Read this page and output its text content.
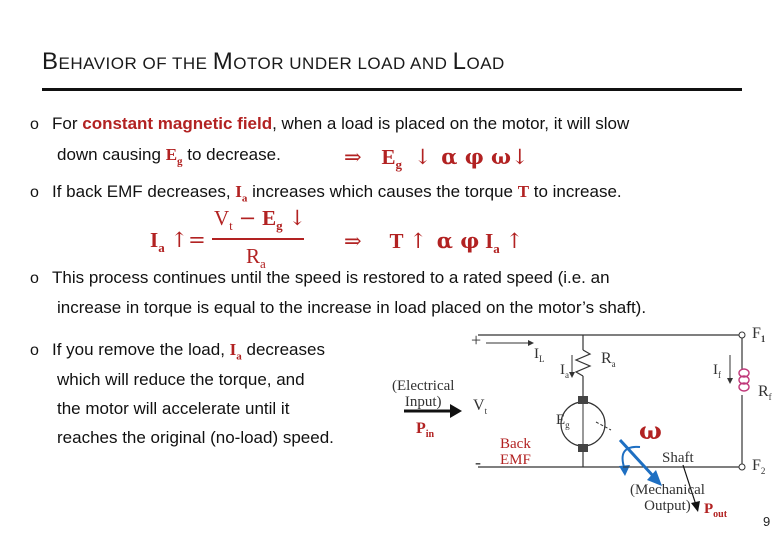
BEHAVIOR OF THE MOTOR UNDER LOAD AND LOAD
o For constant magnetic field, when a load is placed on the motor, it will slow
down causing $E_g$ to decrease.	⇒ $E_g$ ↓ α φ ω↓
o If back EMF decreases, $I_a$ increases which causes the torque T to increase.
$I_a$ ↑=
$V_t - E_g$ ↓
$R_a$
⇒ T ↑ α φ $I_a$ ↑
o This process continues until the speed is restored to a rated speed (i.e. an
increase in torque is equal to the increase in load placed on the motor’s shaft).
o If you remove the load, $I_a$ decreases
which will reduce the torque, and
the motor will accelerate until it
reaches the original (no-load) speed.
+
-
$I_L$
$I_a$
$R_a$	$I_f$
$R_f$
$F_1$
$F_2$
$V_t$
$E_g$
(Electrical
Input)
$P_{in}$
Back
EMF
ω
Shaft
(Mechanical
Output) $P_{out}$	9
